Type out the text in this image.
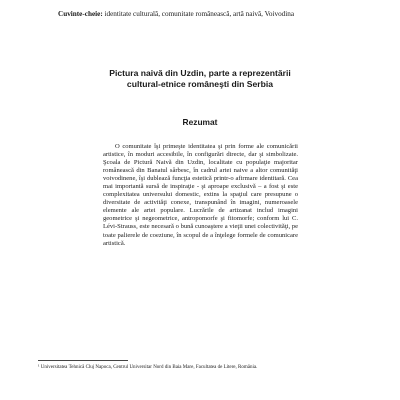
Cuvinte-cheie: identitate culturală, comunitate românească, artă naivă, Voivodina
Pictura naivă din Uzdin, parte a reprezentării
cultural-etnice româneşti din Serbia
Rezumat
O comunitate îşi primeşte identitatea şi prin forme ale comunicării
artistice, în moduri accesibile, în configurări directe, dar şi simbolizate.
Şcoala de Pictură Naivă din Uzdin, localitate cu populaţie majoritar
românească din Banatul sârbesc, în cadrul artei naive a altor comunităţi
voivodinene, îşi dublează funcţia estetică printr-o afirmare identitară. Cea
mai importantă sursă de inspiraţie - şi aproape exclusivă – a fost şi este
complexitatea universului domestic, extins la spaţiul care presupune o
diversitate de activităţi conexe, transpunând în imagini, numeroasele
elemente ale artei populare. Lucrările de artizanat includ imagini
geometrice şi negeometrice, antropomorfe şi fitomorfe; conform lui C.
Lévi-Strauss, este necesară o bună cunoaştere a vieţii unei colectivităţi, pe
toate palierele de coeziune, în scopul de a înţelege formele de comunicare
artistică.
¹ Universitatea Tehnică Cluj Napoca, Centrul Universitar Nord din Baia Mare, Facultatea de Litere, România.
